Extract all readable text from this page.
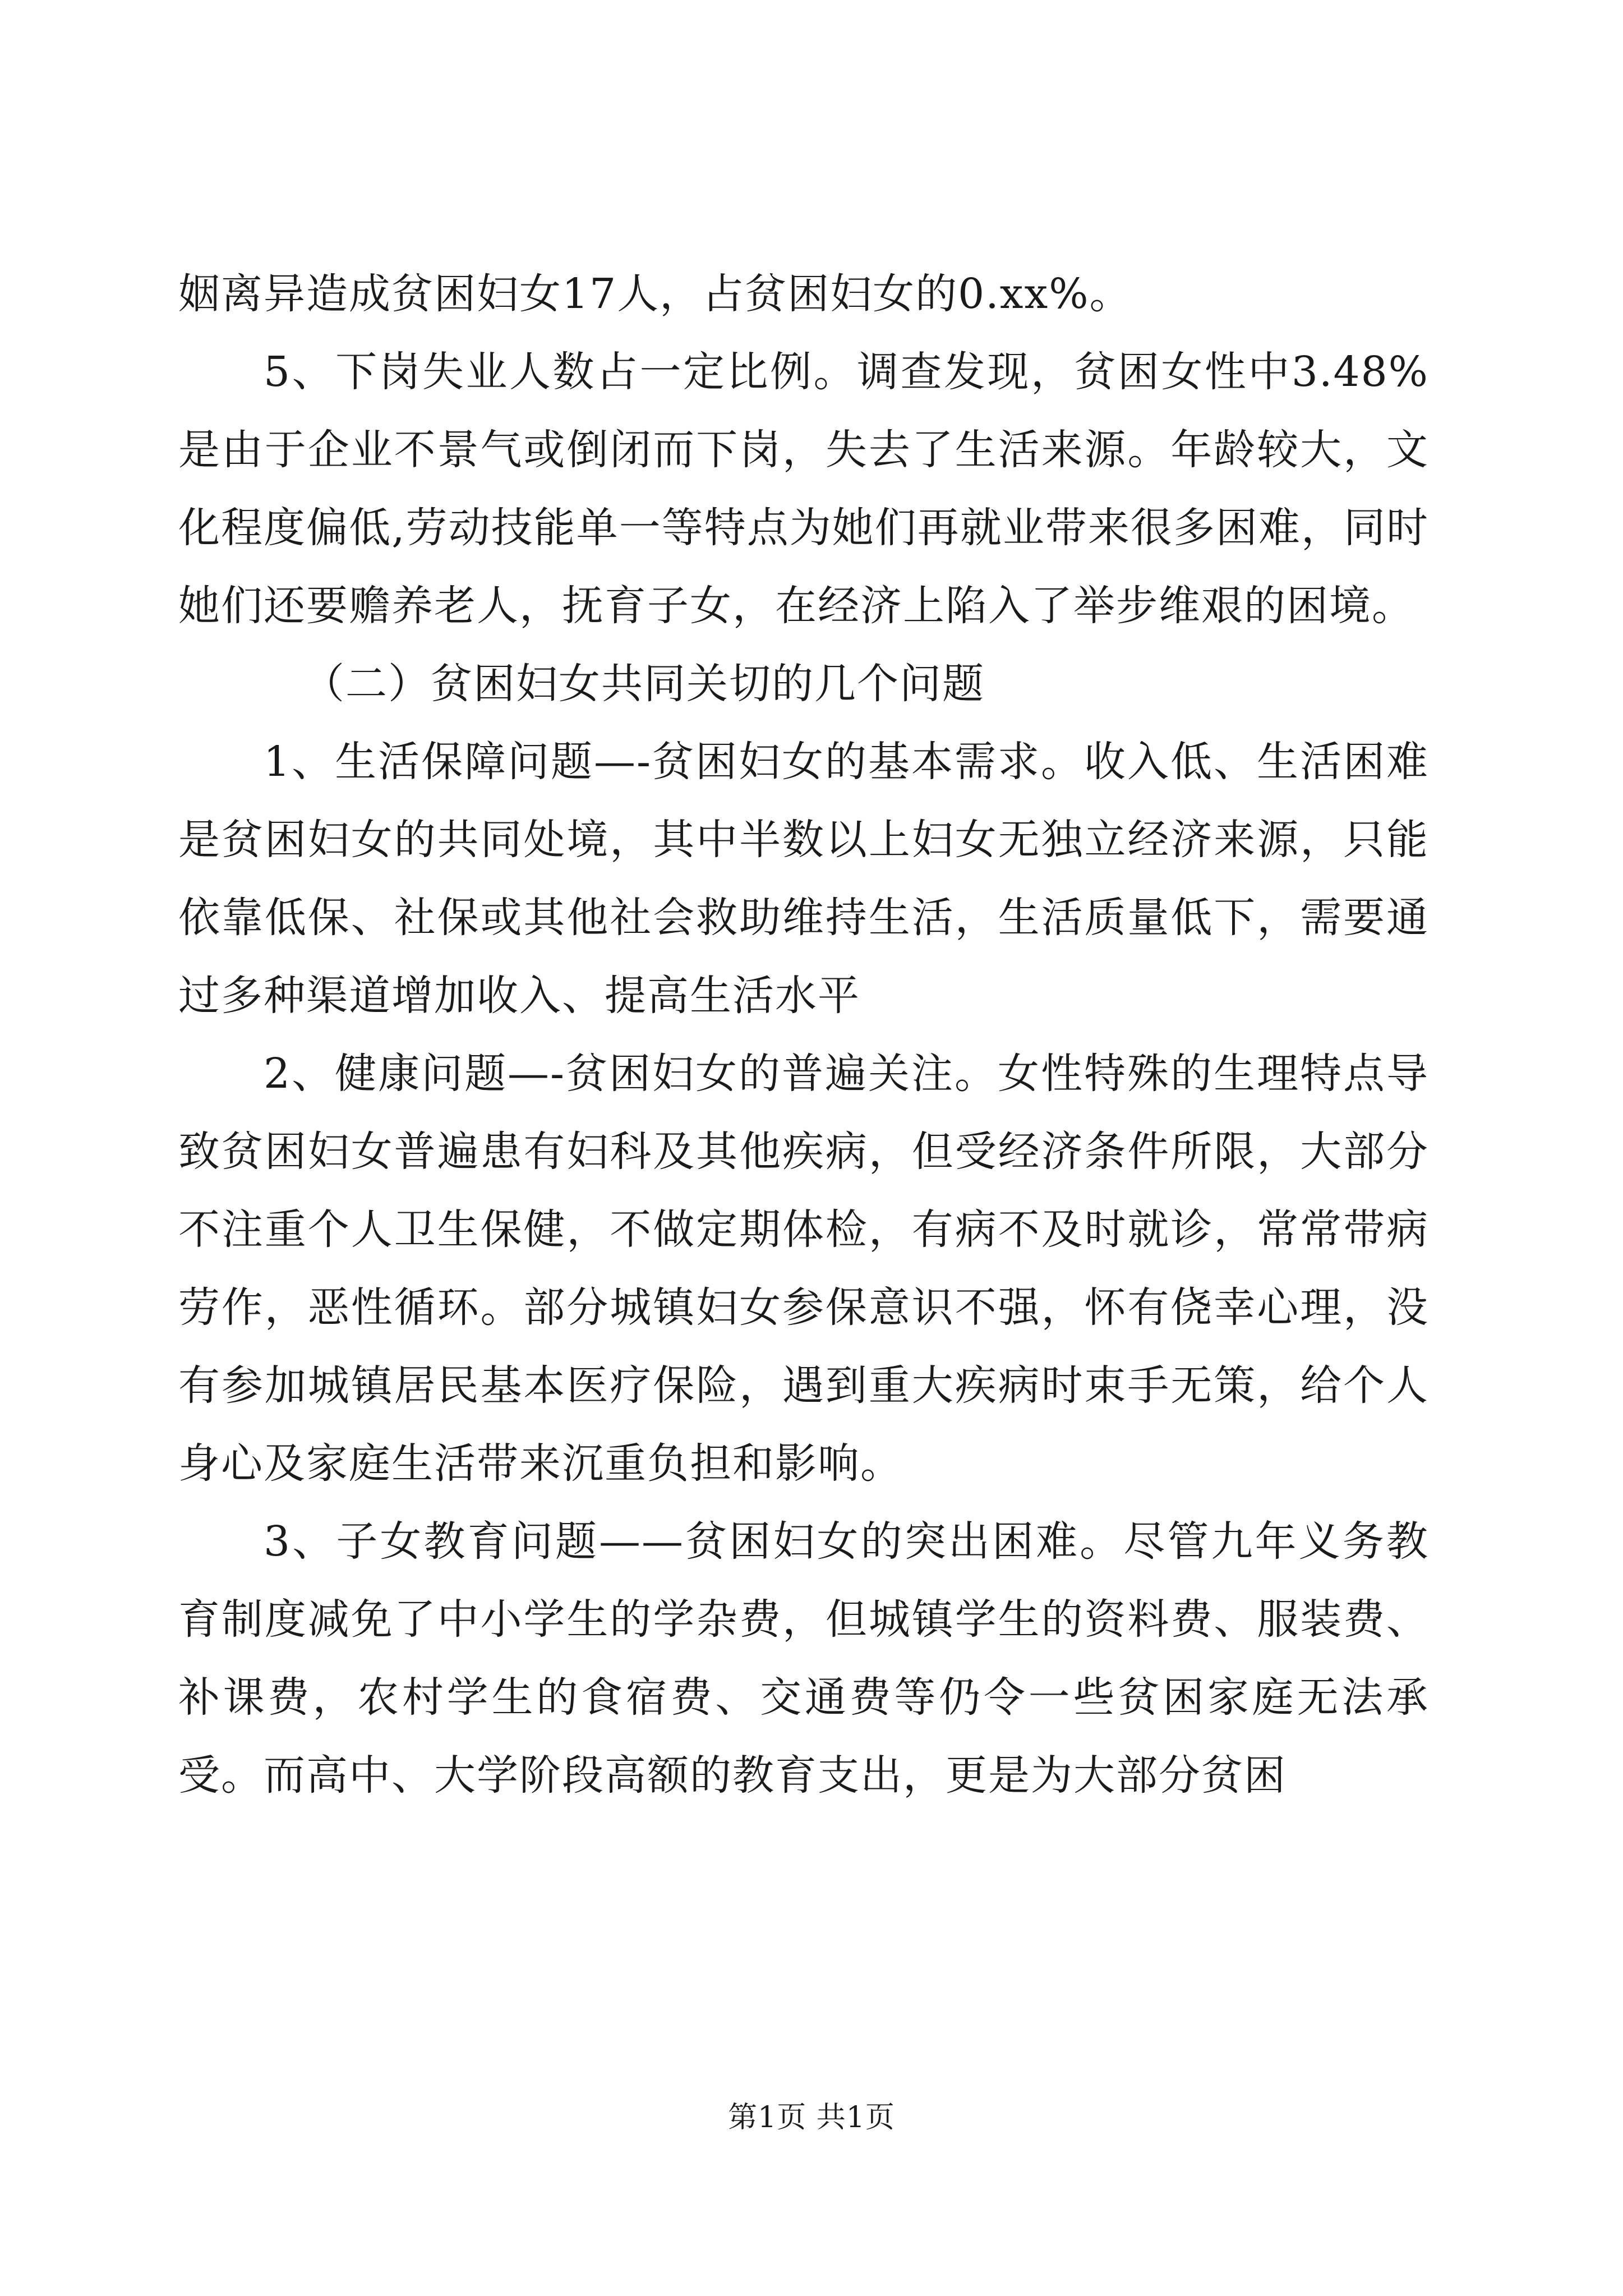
姻离异造成贫困妇女17人，占贫困妇女的0.xx%。

5、下岗失业人数占一定比例。调查发现，贫困女性中3.48%是由于企业不景气或倒闭而下岗，失去了生活来源。年龄较大，文化程度偏低,劳动技能单一等特点为她们再就业带来很多困难，同时她们还要赡养老人，抚育子女，在经济上陷入了举步维艰的困境。

（二）贫困妇女共同关切的几个问题

1、生活保障问题—-贫困妇女的基本需求。收入低、生活困难是贫困妇女的共同处境，其中半数以上妇女无独立经济来源，只能依靠低保、社保或其他社会救助维持生活，生活质量低下，需要通过多种渠道增加收入、提高生活水平

2、健康问题—-贫困妇女的普遍关注。女性特殊的生理特点导致贫困妇女普遍患有妇科及其他疾病，但受经济条件所限，大部分不注重个人卫生保健，不做定期体检，有病不及时就诊，常常带病劳作，恶性循环。部分城镇妇女参保意识不强，怀有侥幸心理，没有参加城镇居民基本医疗保险，遇到重大疾病时束手无策，给个人身心及家庭生活带来沉重负担和影响。

3、子女教育问题——贫困妇女的突出困难。尽管九年义务教育制度减免了中小学生的学杂费，但城镇学生的资料费、服装费、补课费，农村学生的食宿费、交通费等仍令一些贫困家庭无法承受。而高中、大学阶段高额的教育支出，更是为大部分贫困

第1页 共1页
